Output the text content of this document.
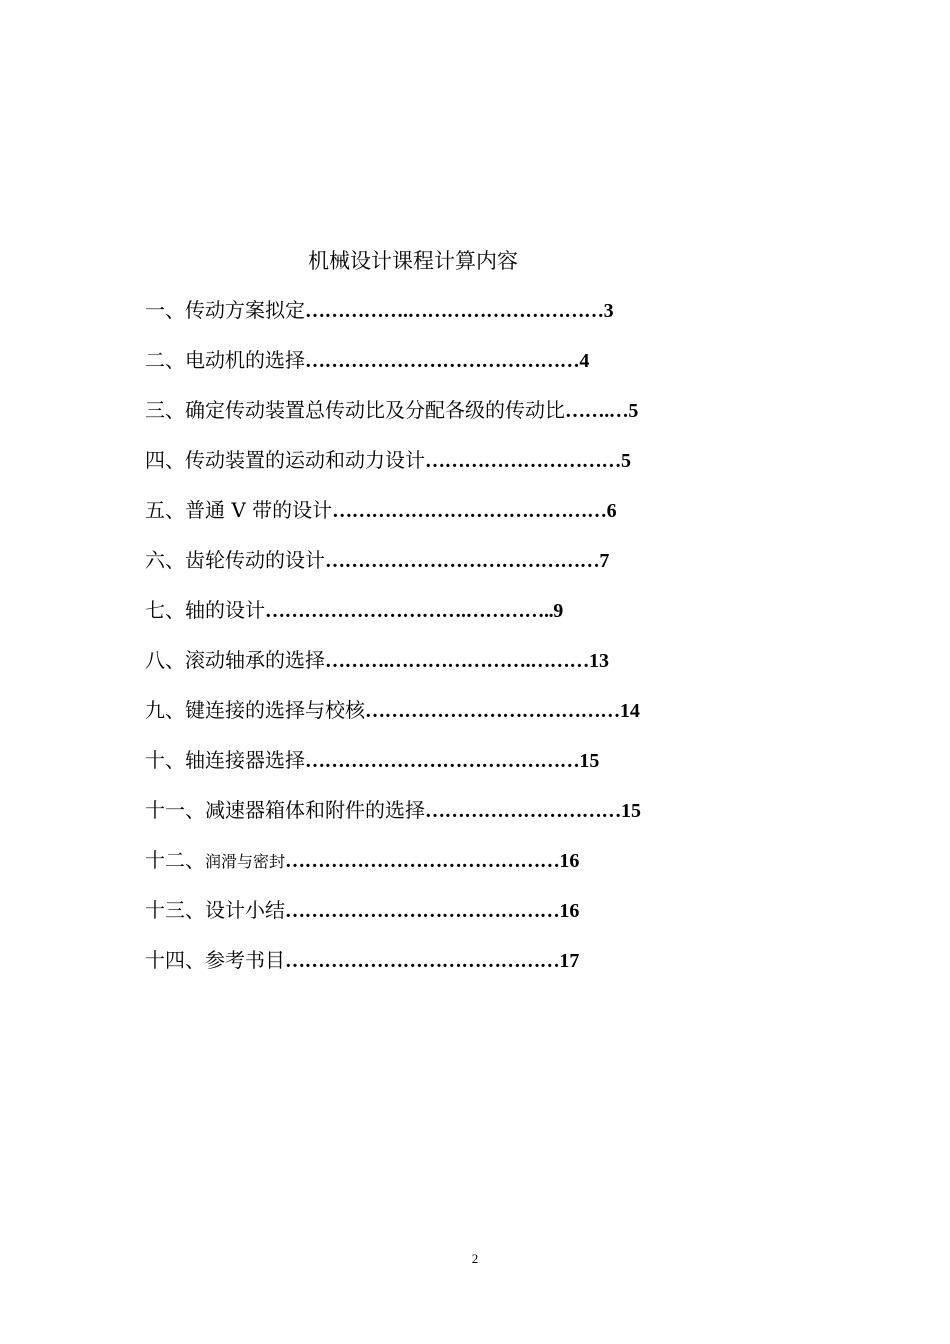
机械设计课程计算内容
一、传动方案拟定…………….…………………………3
二、电动机的选择……………………………………4
三、确定传动装置总传动比及分配各级的传动比…….…5
四、传动装置的运动和动力设计…………………………5
五、普通 V 带的设计……………………………………6
六、齿轮传动的设计……………………………………7
七、轴的设计………………………….…………..9
八、滚动轴承的选择……….………………….………13
九、键连接的选择与校核…………………………………14
十、轴连接器选择……………………………………15
十一、减速器箱体和附件的选择…………………………15
十二、润滑与密封……………………………………16
十三、设计小结……………………………………16
十四、参考书目……………………………………17
2
